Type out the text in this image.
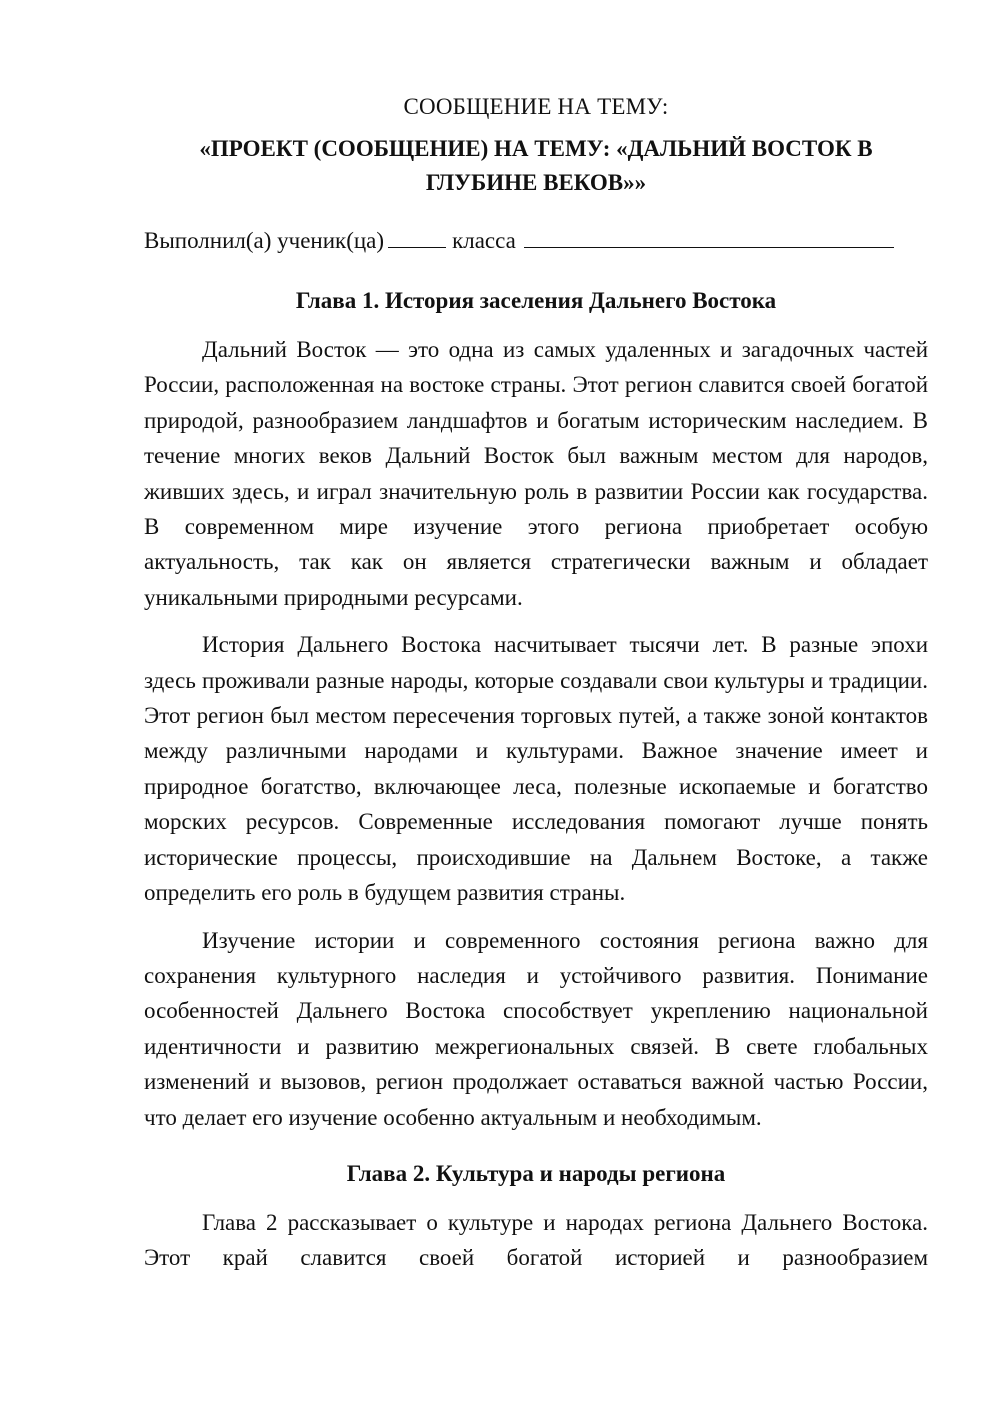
СООБЩЕНИЕ НА ТЕМУ:
«ПРОЕКТ (СООБЩЕНИЕ) НА ТЕМУ: «ДАЛЬНИЙ ВОСТОК В ГЛУБИНЕ ВЕКОВ»»
Выполнил(а) ученик(ца)	класса
Глава 1. История заселения Дальнего Востока

Дальний Восток — это одна из самых удаленных и загадочных частей России, расположенная на востоке страны. Этот регион славится своей богатой природой, разнообразием ландшафтов и богатым историческим наследием. В течение многих веков Дальний Восток был важным местом для народов, живших здесь, и играл значительную роль в развитии России как государства. В современном мире изучение этого региона приобретает особую актуальность, так как он является стратегически важным и обладает уникальными природными ресурсами.

История Дальнего Востока насчитывает тысячи лет. В разные эпохи здесь проживали разные народы, которые создавали свои культуры и традиции. Этот регион был местом пересечения торговых путей, а также зоной контактов между различными народами и культурами. Важное значение имеет и природное богатство, включающее леса, полезные ископаемые и богатство морских ресурсов. Современные исследования помогают лучше понять исторические процессы, происходившие на Дальнем Востоке, а также определить его роль в будущем развития страны.

Изучение истории и современного состояния региона важно для сохранения культурного наследия и устойчивого развития. Понимание особенностей Дальнего Востока способствует укреплению национальной идентичности и развитию межрегиональных связей. В свете глобальных изменений и вызовов, регион продолжает оставаться важной частью России, что делает его изучение особенно актуальным и необходимым.

Глава 2. Культура и народы региона

Глава 2 рассказывает о культуре и народах региона Дальнего Востока. Этот край славится своей богатой историей и разнообразием
